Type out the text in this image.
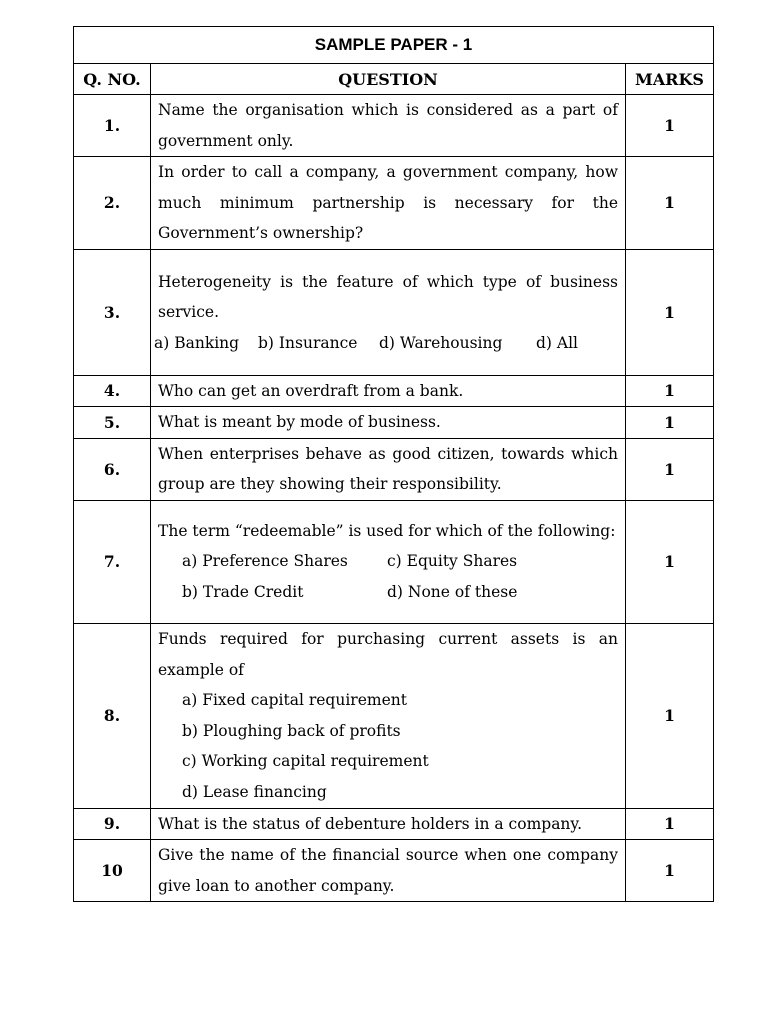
SAMPLE PAPER - 1		
Q. NO.	QUESTION	MARKS
1.	Name the organisation which is considered as a part of government only.	1
2.	In order to call a company, a government company, how much minimum partnership is necessary for the Government’s ownership?	1
3.	Heterogeneity is the feature of which type of business service.
a) Banking b) Insurance d) Warehousing d) All	1
4.	Who can get an overdraft from a bank.	1
5.	What is meant by mode of business.	1
6.	When enterprises behave as good citizen, towards which group are they showing their responsibility.	1
7.	The term “redeemable” is used for which of the following:
a) Preference Shares c) Equity Shares
b) Trade Credit d) None of these	1
8.	Funds required for purchasing current assets is an example of
a) Fixed capital requirement
b) Ploughing back of profits
c) Working capital requirement
d) Lease financing	1
9.	What is the status of debenture holders in a company.	1
10	Give the name of the financial source when one company give loan to another company.	1
